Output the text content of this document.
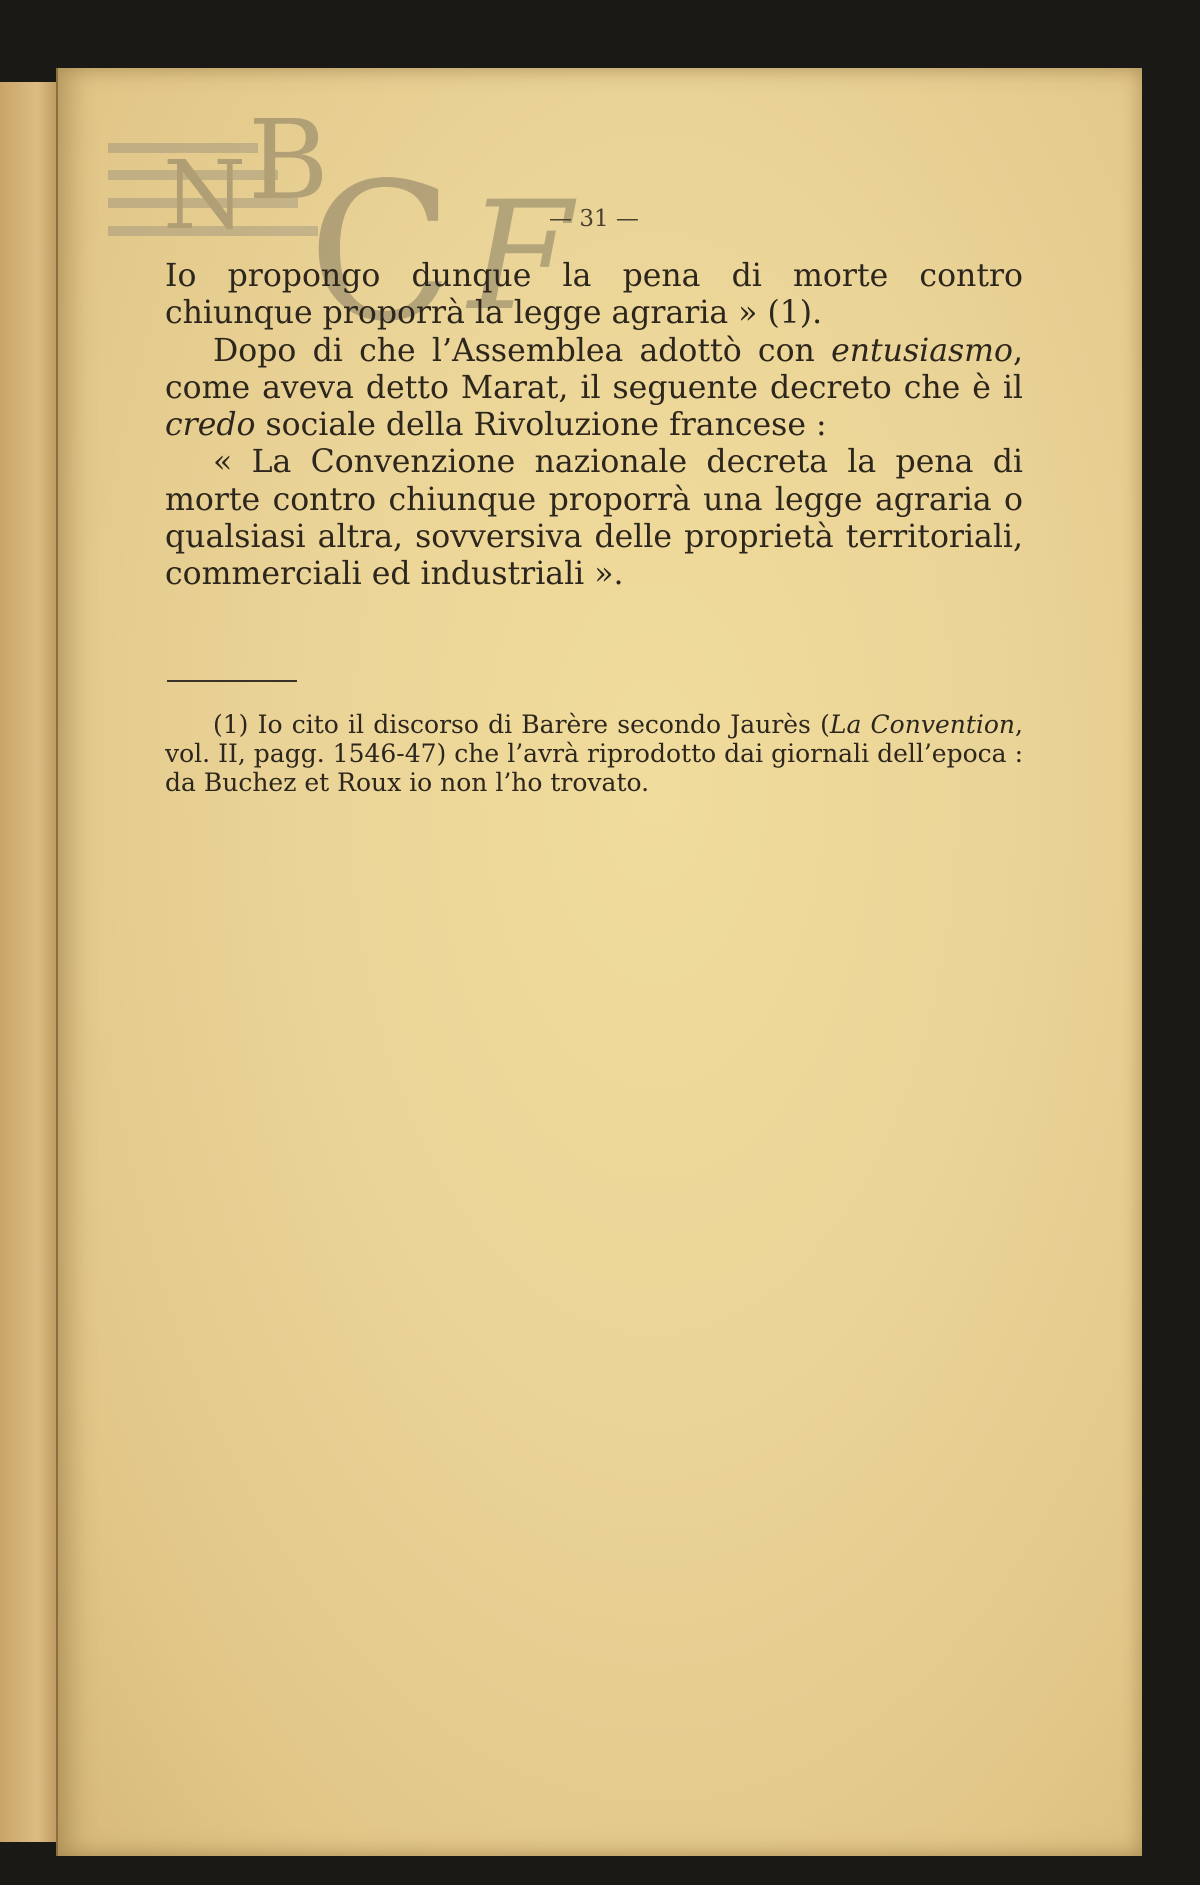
N B
C F
— 31 —

Io propongo dunque la pena di morte contro chiunque proporrà la legge agraria » (1).

Dopo di che l’Assemblea adottò con entusiasmo, come aveva detto Marat, il seguente decreto che è il credo sociale della Rivoluzione francese :

« La Convenzione nazionale decreta la pena di morte contro chiunque proporrà una legge agraria o qualsiasi altra, sovversiva delle proprietà territoriali, commerciali ed industriali ».

(1) Io cito il discorso di Barère secondo Jaurès (La Convention, vol. II, pagg. 1546-47) che l’avrà riprodotto dai giornali dell’epoca : da Buchez et Roux io non l’ho trovato.
